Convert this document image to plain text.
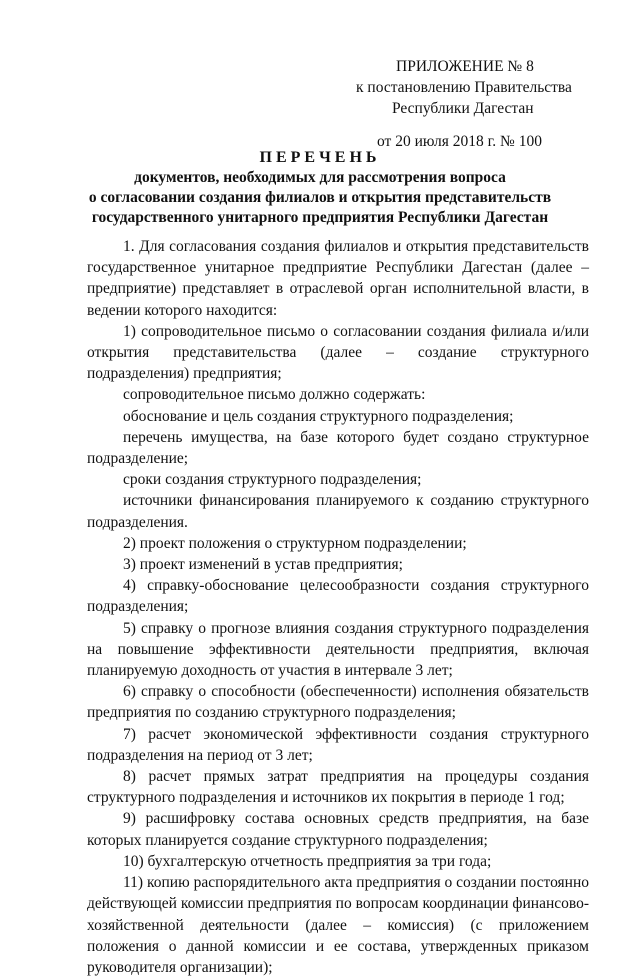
ПРИЛОЖЕНИЕ № 8
к постановлению Правительства
Республики Дагестан
от 20 июля 2018 г. № 100
ПЕРЕЧЕНЬ
документов, необходимых для рассмотрения вопроса
о согласовании создания филиалов и открытия представительств
государственного унитарного предприятия Республики Дагестан

1. Для согласования создания филиалов и открытия представительств государственное унитарное предприятие Республики Дагестан (далее – предприятие) представляет в отраслевой орган исполнительной власти, в ведении которого находится:

1) сопроводительное письмо о согласовании создания филиала и/или открытия представительства (далее – создание структурного подразделения) предприятия;

сопроводительное письмо должно содержать:

обоснование и цель создания структурного подразделения;

перечень имущества, на базе которого будет создано структурное подразделение;

сроки создания структурного подразделения;

источники финансирования планируемого к созданию структурного подразделения.

2) проект положения о структурном подразделении;

3) проект изменений в устав предприятия;

4) справку-обоснование целесообразности создания структурного подразделения;

5) справку о прогнозе влияния создания структурного подразделения на повышение эффективности деятельности предприятия, включая планируемую доходность от участия в интервале 3 лет;

6) справку о способности (обеспеченности) исполнения обязательств предприятия по созданию структурного подразделения;

7) расчет экономической эффективности создания структурного подразделения на период от 3 лет;

8) расчет прямых затрат предприятия на процедуры создания структурного подразделения и источников их покрытия в периоде 1 год;

9) расшифровку состава основных средств предприятия, на базе которых планируется создание структурного подразделения;

10) бухгалтерскую отчетность предприятия за три года;

11) копию распорядительного акта предприятия о создании постоянно действующей комиссии предприятия по вопросам координации финансово-хозяйственной деятельности (далее – комиссия) (с приложением положения о данной комиссии и ее состава, утвержденных приказом руководителя организации);
